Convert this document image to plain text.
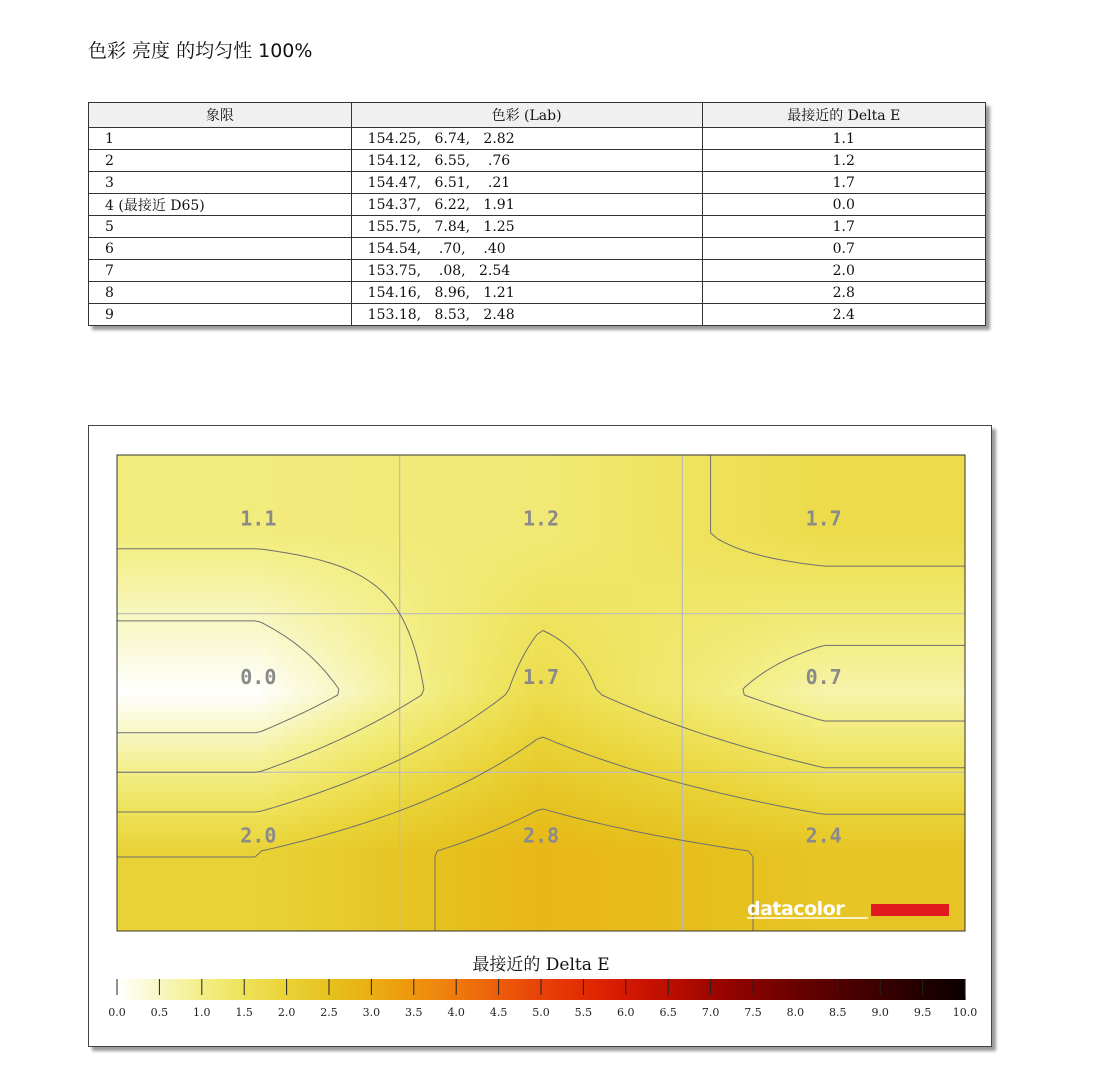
色彩 亮度 的均匀性 100%
象限	色彩 (Lab)	最接近的 Delta E
1	154.25,   6.74,   2.82	1.1
2	154.12,   6.55,    .76	1.2
3	154.47,   6.51,    .21	1.7
4 (最接近 D65)	154.37,   6.22,   1.91	0.0
5	155.75,   7.84,   1.25	1.7
6	154.54,    .70,    .40	0.7
7	153.75,    .08,   2.54	2.0
8	154.16,   8.96,   1.21	2.8
9	153.18,   8.53,   2.48	2.4
1.1	1.2	1.7
0.0	1.7	0.7
2.0	2.8	2.4
datacolor
最接近的 Delta E
0.0 0.5 1.0 1.5 2.0 2.5 3.0 3.5 4.0 4.5 5.0 5.5 6.0 6.5 7.0 7.5 8.0 8.5 9.0 9.5 10.0
